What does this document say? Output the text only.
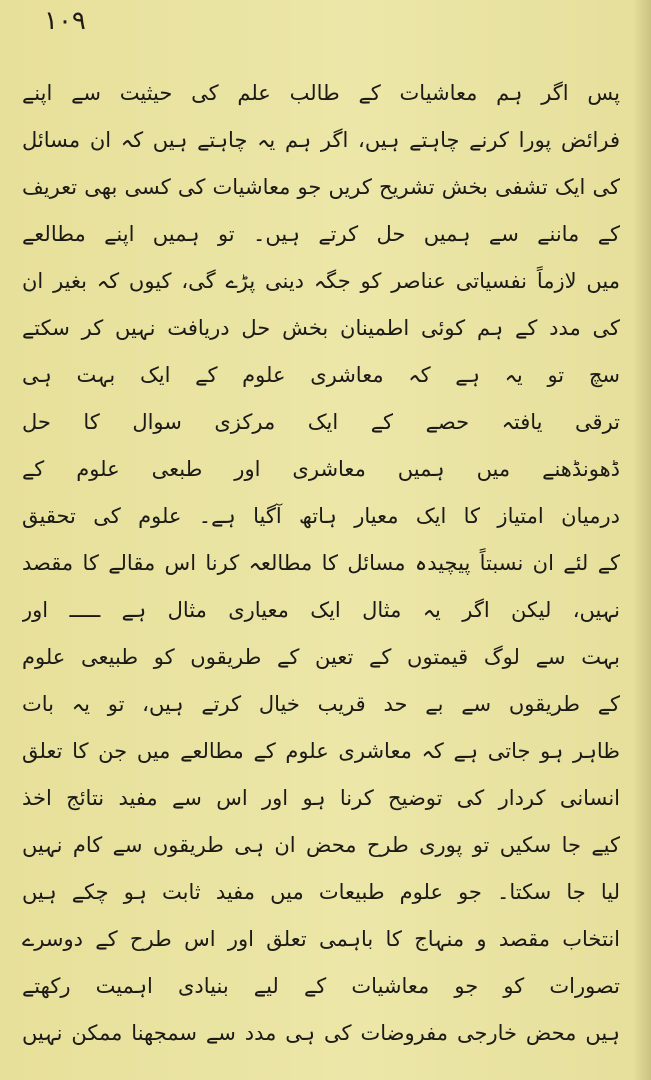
۱۰۹
پس اگر ہم معاشیات کے طالب علم کی حیثیت سے اپنے
فرائض پورا کرنے چاہتے ہیں، اگر ہم یہ چاہتے ہیں کہ ان مسائل
کی ایک تشفی بخش تشریح کریں جو معاشیات کی کسی بھی تعریف
کے ماننے سے ہمیں حل کرتے ہیں۔ تو ہمیں اپنے مطالعے
میں لازماً نفسیاتی عناصر کو جگہ دینی پڑے گی، کیوں کہ بغیر ان
کی مدد کے ہم کوئی اطمینان بخش حل دریافت نہیں کر سکتے
سچ تو یہ ہے کہ معاشری علوم کے ایک بہت ہی
ترقی یافتہ حصے کے ایک مرکزی سوال کا حل
ڈھونڈھنے میں ہمیں معاشری اور طبعی علوم کے
درمیان امتیاز کا ایک معیار ہاتھ آگیا ہے۔ علوم کی تحقیق
کے لئے ان نسبتاً پیچیدہ مسائل کا مطالعہ کرنا اس مقالے کا مقصد
نہیں، لیکن اگر یہ مثال ایک معیاری مثال ہے ـــــ اور
بہت سے لوگ قیمتوں کے تعین کے طریقوں کو طبیعی علوم
کے طریقوں سے بے حد قریب خیال کرتے ہیں، تو یہ بات
ظاہر ہو جاتی ہے کہ معاشری علوم کے مطالعے میں جن کا تعلق
انسانی کردار کی توضیح کرنا ہو اور اس سے مفید نتائج اخذ
کیے جا سکیں تو پوری طرح محض ان ہی طریقوں سے کام نہیں
لیا جا سکتا۔ جو علوم طبیعات میں مفید ثابت ہو چکے ہیں
انتخاب مقصد و منہاج کا باہمی تعلق اور اس طرح کے دوسرے
تصورات کو جو معاشیات کے لیے بنیادی اہمیت رکھتے
ہیں محض خارجی مفروضات کی ہی مدد سے سمجھنا ممکن نہیں
